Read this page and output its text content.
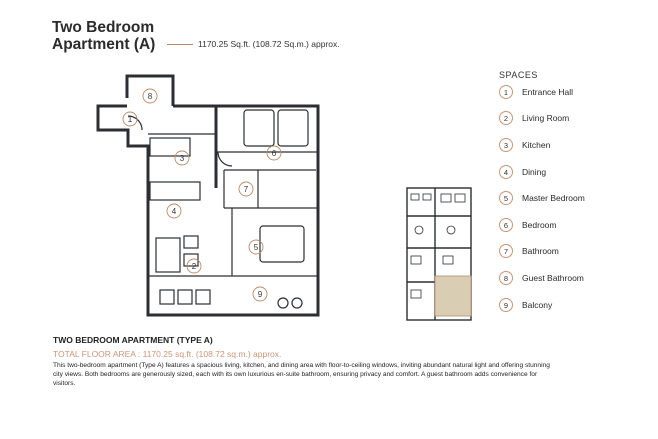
Two Bedroom
Apartment (A)	1170.25 Sq.ft. (108.72 Sq.m.) approx.
8
1
3
4
6
7
5
2
9
SPACES
1	Entrance Hall
2	Living Room
3	Kitchen
4	Dining
5	Master Bedroom
6	Bedroom
7	Bathroom
8	Guest Bathroom
9	Balcony
TWO BEDROOM APARTMENT (TYPE A)
TOTAL FLOOR AREA : 1170.25 sq.ft. (108.72 sq.m.) approx.
This two-bedroom apartment (Type A) features a spacious living, kitchen, and dining area with floor-to-ceiling windows, inviting abundant natural light and offering stunning city views. Both bedrooms are generously sized, each with its own luxurious en-suite bathroom, ensuring privacy and comfort. A guest bathroom adds convenience for visitors.
